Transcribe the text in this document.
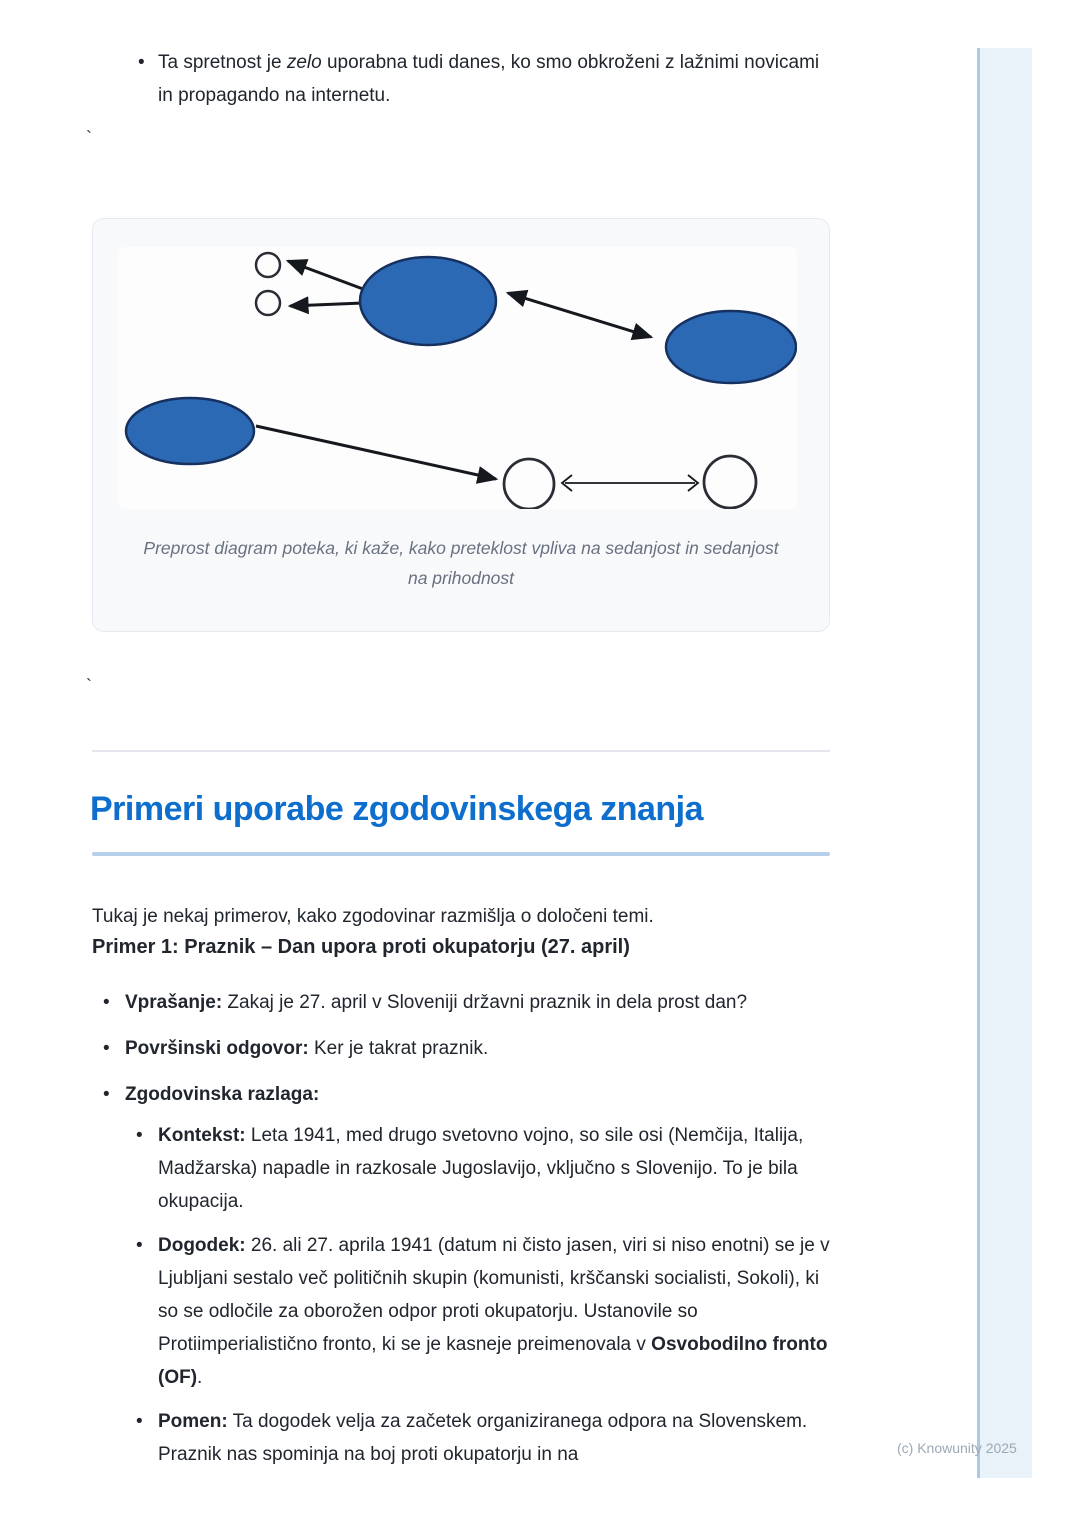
• Ta spretnost je zelo uporabna tudi danes, ko smo obkroženi z lažnimi novicami in propagando na internetu.
`
Preprost diagram poteka, ki kaže, kako preteklost vpliva na sedanjost in sedanjost na prihodnost
`
Primeri uporabe zgodovinskega znanja

Tukaj je nekaj primerov, kako zgodovinar razmišlja o določeni temi.

Primer 1: Praznik – Dan upora proti okupatorju (27. april)
• Vprašanje: Zakaj je 27. april v Sloveniji državni praznik in dela prost dan?
• Površinski odgovor: Ker je takrat praznik.
• Zgodovinska razlaga:
• Kontekst: Leta 1941, med drugo svetovno vojno, so sile osi (Nemčija, Italija, Madžarska) napadle in razkosale Jugoslavijo, vključno s Slovenijo. To je bila okupacija.
• Dogodek: 26. ali 27. aprila 1941 (datum ni čisto jasen, viri si niso enotni) se je v Ljubljani sestalo več političnih skupin (komunisti, krščanski socialisti, Sokoli), ki so se odločile za oborožen odpor proti okupatorju. Ustanovile so Protiimperialistično fronto, ki se je kasneje preimenovala v Osvobodilno fronto (OF).
• Pomen: Ta dogodek velja za začetek organiziranega odpora na Slovenskem. Praznik nas spominja na boj proti okupatorju in na	(c) Knowunity 2025
